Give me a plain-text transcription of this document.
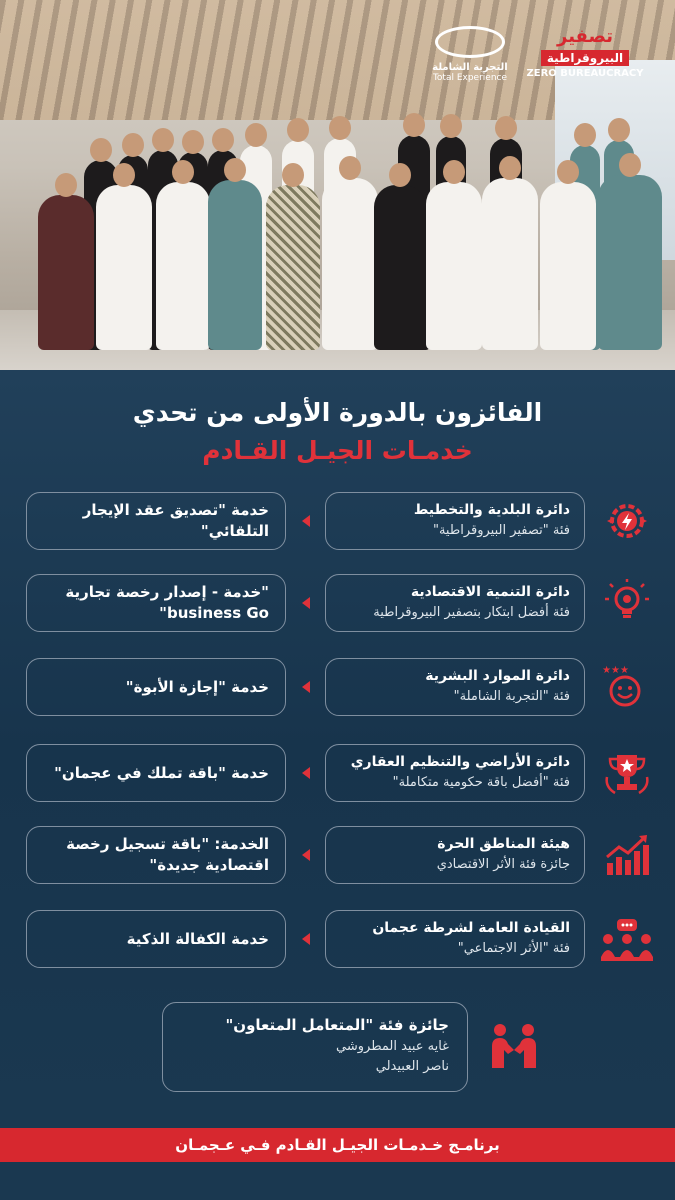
التجربة الشاملة
Total Experience
تصفير
البيروقراطية
ZERO BUREAUCRACY
الفائزون بالدورة الأولى من تحدي
خدمـات الجيـل القـادم
دائرة البلدية والتخطيط
فئة "تصفير البيروقراطية"
خدمة "تصديق عقد الإيجار التلقائي"
دائرة التنمية الاقتصادية
فئة أفضل ابتكار بتصفير البيروقراطية
"خدمة - إصدار رخصة تجارية business Go"
★★★
دائرة الموارد البشرية
فئة "التجربة الشاملة"
خدمة "إجازة الأبوة"
دائرة الأراضي والتنظيم العقاري
فئة "أفضل باقة حكومية متكاملة"
خدمة "باقة تملك في عجمان"
هيئة المناطق الحرة
جائزة فئة الأثر الاقتصادي
الخدمة: "باقة تسجيل رخصة اقتصادية جديدة"
القيادة العامة لشرطة عجمان
فئة "الأثر الاجتماعي"
خدمة الكفالة الذكية
جائزة فئة "المتعامل المتعاون"
غايه عبيد المطروشي
ناصر العبيدلي
برنامـج خـدمـات الجيـل القـادم فـي عـجمـان
